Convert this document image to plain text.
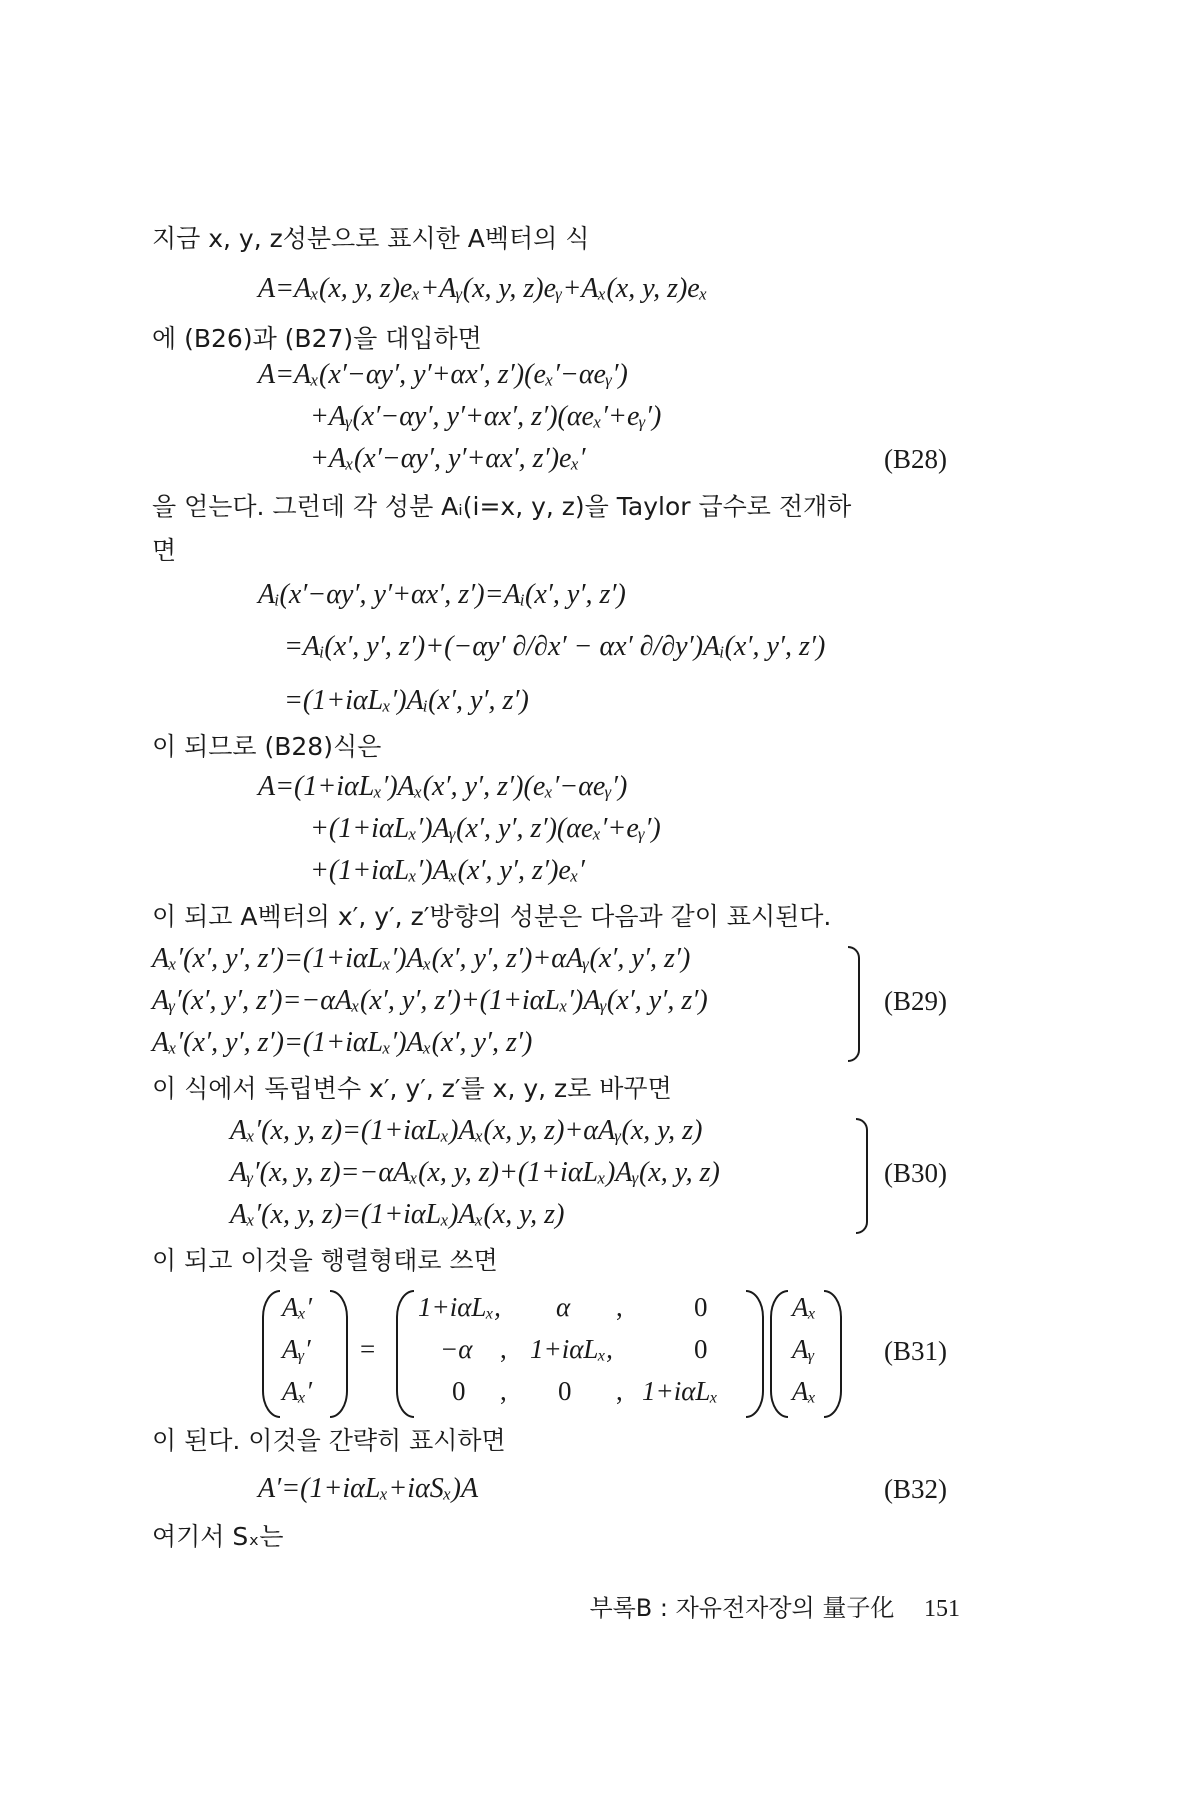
지금 x, y, z성분으로 표시한 A벡터의 식
A=Aₓ(x, y, z)eₓ+Aᵧ(x, y, z)eᵧ+Aₓ(x, y, z)eₓ
에 (B26)과 (B27)을 대입하면
A=Aₓ(x′−αy′, y′+αx′, z′)(eₓ′−αeᵧ′)
+Aᵧ(x′−αy′, y′+αx′, z′)(αeₓ′+eᵧ′)
+Aₓ(x′−αy′, y′+αx′, z′)eₓ′	(B28)
을 얻는다. 그런데 각 성분 Aᵢ(i=x, y, z)을 Taylor 급수로 전개하
면
Aᵢ(x′−αy′, y′+αx′, z′)=Aᵢ(x′, y′, z′)
=Aᵢ(x′, y′, z′)+(−αy′ ∂/∂x′ − αx′ ∂/∂y′)Aᵢ(x′, y′, z′)
=(1+iαLₓ′)Aᵢ(x′, y′, z′)
이 되므로 (B28)식은
A=(1+iαLₓ′)Aₓ(x′, y′, z′)(eₓ′−αeᵧ′)
+(1+iαLₓ′)Aᵧ(x′, y′, z′)(αeₓ′+eᵧ′)
+(1+iαLₓ′)Aₓ(x′, y′, z′)eₓ′
이 되고 A벡터의 x′, y′, z′방향의 성분은 다음과 같이 표시된다.
Aₓ′(x′, y′, z′)=(1+iαLₓ′)Aₓ(x′, y′, z′)+αAᵧ(x′, y′, z′)
Aᵧ′(x′, y′, z′)=−αAₓ(x′, y′, z′)+(1+iαLₓ′)Aᵧ(x′, y′, z′)
Aₓ′(x′, y′, z′)=(1+iαLₓ′)Aₓ(x′, y′, z′)
(B29)
이 식에서 독립변수 x′, y′, z′를 x, y, z로 바꾸면
Aₓ′(x, y, z)=(1+iαLₓ)Aₓ(x, y, z)+αAᵧ(x, y, z)
Aᵧ′(x, y, z)=−αAₓ(x, y, z)+(1+iαLₓ)Aᵧ(x, y, z)
Aₓ′(x, y, z)=(1+iαLₓ)Aₓ(x, y, z)
(B30)
이 되고 이것을 행렬형태로 쓰면
Aₓ′
Aᵧ′
Aₓ′
=
1+iαLₓ, α ,	0
−α , 1+iαLₓ,	0
0 , 0 , 1+iαLₓ
Aₓ
Aᵧ
Aₓ
(B31)
이 된다. 이것을 간략히 표시하면
A′=(1+iαLₓ+iαSₓ)A	(B32)
여기서 Sₓ는
부록B : 자유전자장의 量子化 151
